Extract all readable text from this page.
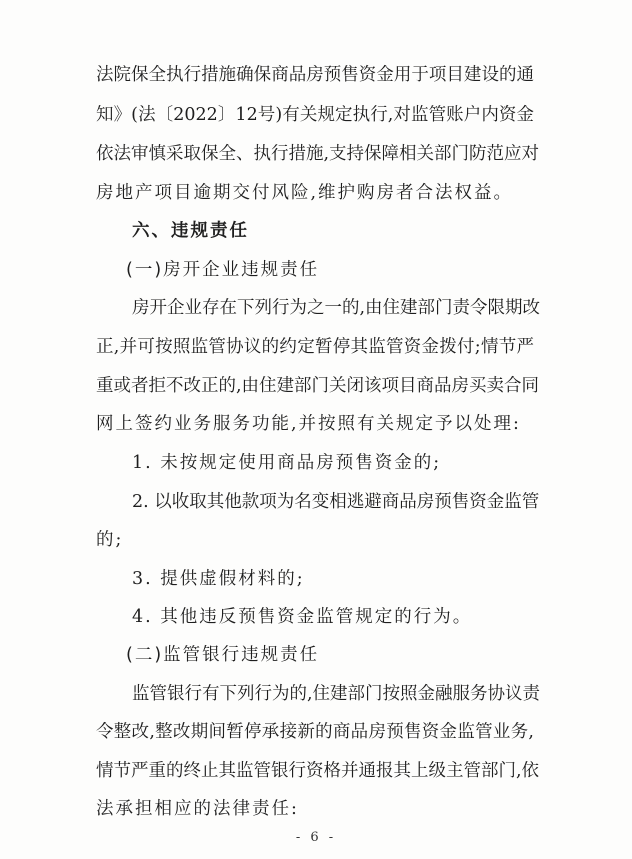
法院保全执行措施确保商品房预售资金用于项目建设的通
知》(法〔2022〕12号)有关规定执行,对监管账户内资金
依法审慎采取保全、执行措施,支持保障相关部门防范应对
房地产项目逾期交付风险,维护购房者合法权益。
六、违规责任
(一)房开企业违规责任
房开企业存在下列行为之一的,由住建部门责令限期改
正,并可按照监管协议的约定暂停其监管资金拨付;情节严
重或者拒不改正的,由住建部门关闭该项目商品房买卖合同
网上签约业务服务功能,并按照有关规定予以处理:
1. 未按规定使用商品房预售资金的;
2. 以收取其他款项为名变相逃避商品房预售资金监管
的;
3. 提供虚假材料的;
4. 其他违反预售资金监管规定的行为。
(二)监管银行违规责任
监管银行有下列行为的,住建部门按照金融服务协议责
令整改,整改期间暂停承接新的商品房预售资金监管业务,
情节严重的终止其监管银行资格并通报其上级主管部门,依
法承担相应的法律责任:
- 6 -
